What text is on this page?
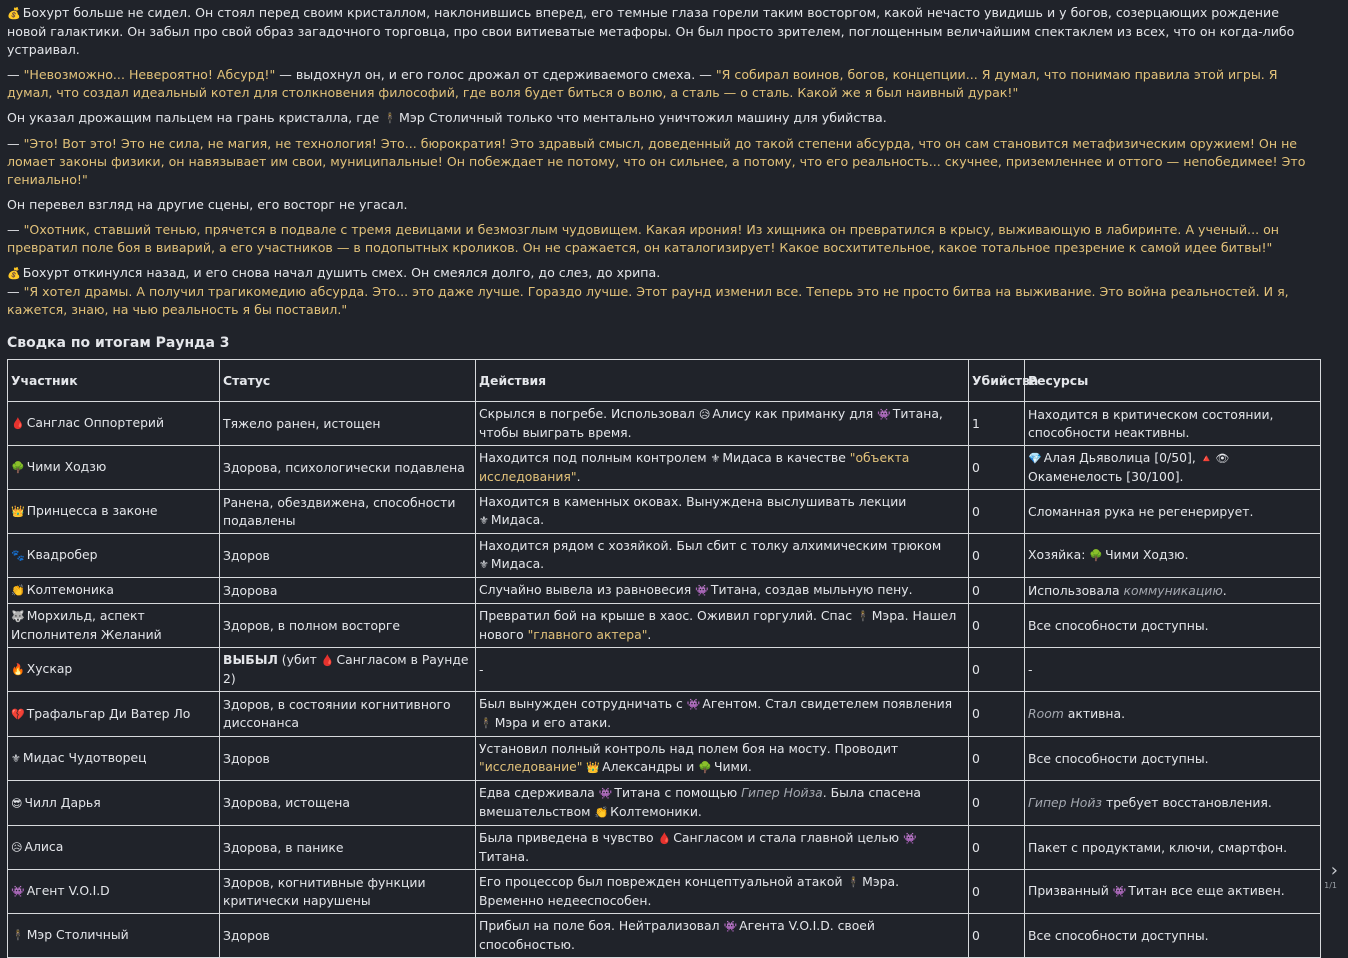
💰 Бохурт больше не сидел. Он стоял перед своим кристаллом, наклонившись вперед, его темные глаза горели таким восторгом, какой нечасто увидишь и у богов, созерцающих рождение новой галактики. Он забыл про свой образ загадочного торговца, про свои витиеватые метафоры. Он был просто зрителем, поглощенным величайшим спектаклем из всех, что он когда-либо устраивал.

— "Невозможно... Невероятно! Абсурд!" — выдохнул он, и его голос дрожал от сдерживаемого смеха. — "Я собирал воинов, богов, концепции... Я думал, что понимаю правила этой игры. Я думал, что создал идеальный котел для столкновения философий, где воля будет биться о волю, а сталь — о сталь. Какой же я был наивный дурак!"

Он указал дрожащим пальцем на грань кристалла, где 🕴 Мэр Столичный только что ментально уничтожил машину для убийства.

— "Это! Вот это! Это не сила, не магия, не технология! Это... бюрократия! Это здравый смысл, доведенный до такой степени абсурда, что он сам становится метафизическим оружием! Он не ломает законы физики, он навязывает им свои, муниципальные! Он побеждает не потому, что он сильнее, а потому, что его реальность... скучнее, приземленнее и оттого — непобедимее! Это гениально!"

Он перевел взгляд на другие сцены, его восторг не угасал.

— "Охотник, ставший тенью, прячется в подвале с тремя девицами и безмозглым чудовищем. Какая ирония! Из хищника он превратился в крысу, выживающую в лабиринте. А ученый... он превратил поле боя в виварий, а его участников — в подопытных кроликов. Он не сражается, он каталогизирует! Какое восхитительное, какое тотальное презрение к самой идее битвы!"

💰 Бохурт откинулся назад, и его снова начал душить смех. Он смеялся долго, до слез, до хрипа.
— "Я хотел драмы. А получил трагикомедию абсурда. Это... это даже лучше. Гораздо лучше. Этот раунд изменил все. Теперь это не просто битва на выживание. Это война реальностей. И я, кажется, знаю, на чью реальность я бы поставил."

Сводка по итогам Раунда 3
Участник	Статус	Действия	Убийства	Ресурсы
🩸 Санглас Оппортерий	Тяжело ранен, истощен	Скрылся в погребе. Использовал 😥 Алису как приманку для 👾 Титана, чтобы выиграть время.	1	Находится в критическом состоянии, способности неактивны.
🌳 Чими Ходзю	Здорова, психологически подавлена	Находится под полным контролем ⚜ Мидаса в качестве "объекта исследования".	0	💎 Алая Дьяволица [0/50], 🔺 👁
Окаменелость [30/100].
👑 Принцесса в законе	Ранена, обездвижена, способности подавлены	Находится в каменных оковах. Вынуждена выслушивать лекции ⚜ Мидаса.	0	Сломанная рука не регенерирует.
🐾 Квадробер	Здоров	Находится рядом с хозяйкой. Был сбит с толку алхимическим трюком ⚜ Мидаса.	0	Хозяйка: 🌳 Чими Ходзю.
👏 Колтемоника	Здорова	Случайно вывела из равновесия 👾 Титана, создав мыльную пену.	0	Использовала коммуникацию.
🐺 Морхильд, аспект Исполнителя Желаний	Здоров, в полном восторге	Превратил бой на крыше в хаос. Оживил горгулий. Спас 🕴 Мэра. Нашел нового "главного актера".	0	Все способности доступны.
🔥 Хускар	ВЫБЫЛ (убит 🩸 Сангласом в Раунде 2)	-	0	-
💔 Трафальгар Ди Ватер Ло	Здоров, в состоянии когнитивного диссонанса	Был вынужден сотрудничать с 👾 Агентом. Стал свидетелем появления 🕴 Мэра и его атаки.	0	Room активна.
⚜ Мидас Чудотворец	Здоров	Установил полный контроль над полем боя на мосту. Проводит "исследование" 👑 Александры и 🌳 Чими.	0	Все способности доступны.
😎 Чилл Дарья	Здорова, истощена	Едва сдерживала 👾 Титана с помощью Гипер Нойза. Была спасена вмешательством 👏 Колтемоники.	0	Гипер Нойз требует восстановления.
😥 Алиса	Здорова, в панике	Была приведена в чувство 🩸 Сангласом и стала главной целью 👾Титана.	0	Пакет с продуктами, ключи, смартфон.
👾 Агент V.O.I.D	Здоров, когнитивные функции критически нарушены	Его процессор был поврежден концептуальной атакой 🕴 Мэра. Временно недееспособен.	0	Призванный 👾 Титан все еще активен.
🕴 Мэр Столичный	Здоров	Прибыл на поле боя. Нейтрализовал 👾 Агента V.O.I.D. своей способностью.	0	Все способности доступны.
›
1/1
